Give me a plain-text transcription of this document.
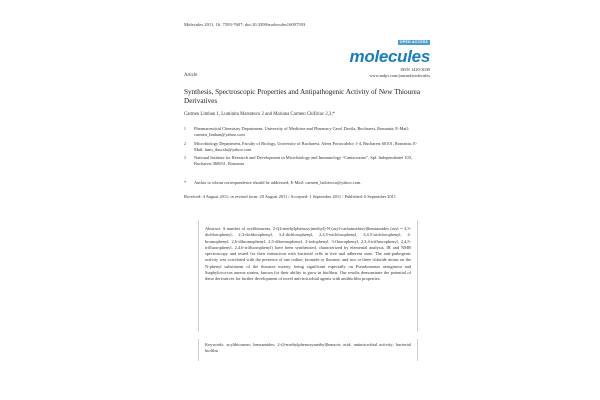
Molecules 2011, 16, 7593-7607; doi:10.3390/molecules16097593
OPEN ACCESS
molecules
ISSN 1420-3049
www.mdpi.com/journal/molecules
Article
Synthesis, Spectroscopic Properties and Antipathogenic Activity of New Thiourea Derivatives
Carmen Limban 1, Luminita Marutescu 2 and Mariana Carmen Chifiriuc 2,3,*
1	Pharmaceutical Chemistry Department, University of Medicine and Pharmacy Carol Davila, Bucharest, Romania; E-Mail: carmen_limban@yahoo.com
2	Microbiology Department, Faculty of Biology, University of Bucharest, Aleea Portocalelor 1-4, Bucharest 60101, Romania; E-Mail: lumi_dascalu@yahoo.com
3	National Institute for Research and Development in Microbiology and Immunology “Cantacuzino”, Spl. Independentei 103, Bucharest 060031, Romania
* Author to whom correspondence should be addressed; E-Mail: carmen_balotescu@yahoo.com.
Received: 4 August 2011; in revised form: 29 August 2011 / Accepted: 1 September 2011 / Published: 6 September 2011

Abstract: A number of acylthioureas, 2-((4-methylphenoxy)methyl)-N-(aryl-carbamothioyl)benzamides (aryl = 3,5-dichlorophenyl, 2,3-dichlorophenyl, 3,4-dichlorophenyl, 2,4,5-trichlorophenyl, 3,4,5-trichlorophenyl, 2-bromophenyl, 2,6-dibromophenyl, 2,5-dibromophenyl, 2-iodophenyl, 3-fluorophenyl, 2,3,4-trifluorophenyl, 2,4,5-trifluorophenyl, 2,4,6-trifluorophenyl) have been synthesized, characterized by elemental analysis, IR and NMR spectroscopy and tested for their interaction with bacterial cells in free and adherent state. The anti-pathogenic activity was correlated with the presence of one iodine, bromide or fluorine, and two or three chloride atoms on the N-phenyl substituent of the thiourea moiety, being significant especially on Pseudomonas aeruginosa and Staphylococcus aureus strains, known for their ability to grow in biofilms. Our results demonstrate the potential of these derivatives for further development of novel anti-microbial agents with antibiofilm properties.

Keywords: acylthioureas; benzamides; 2-(4-methylphenoxymethyl)benzoic acid; antimicrobial activity; bacterial biofilm
